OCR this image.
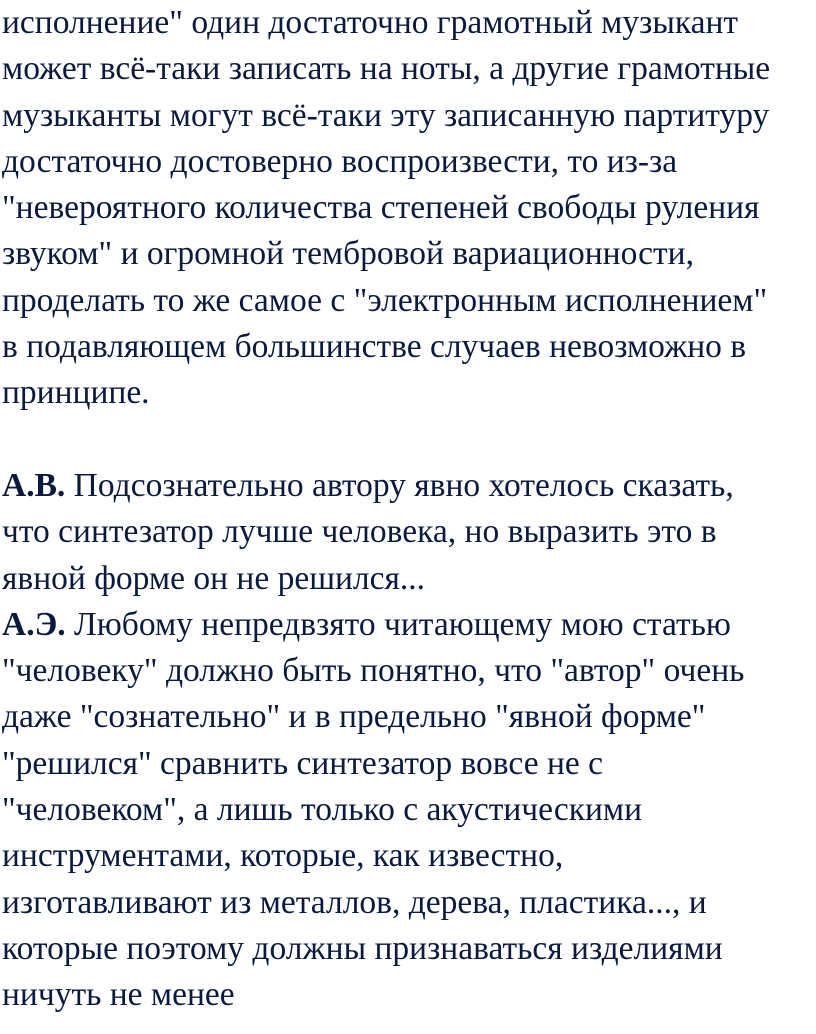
исполнение" один достаточно грамотный музыкант
может всё-таки записать на ноты, а другие грамотные
музыканты могут всё-таки эту записанную партитуру
достаточно достоверно воспроизвести, то из-за
"невероятного количества степеней свободы руления
звуком" и огромной тембровой вариационности,
проделать то же самое с "электронным исполнением"
в подавляющем большинстве случаев невозможно в
принципе.
А.В. Подсознательно автору явно хотелось сказать,
что синтезатор лучше человека, но выразить это в
явной форме он не решился...
А.Э. Любому непредвзято читающему мою статью
"человеку" должно быть понятно, что "автор" очень
даже "сознательно" и в предельно "явной форме"
"решился" сравнить синтезатор вовсе не с
"человеком", а лишь только с акустическими
инструментами, которые, как известно,
изготавливают из металлов, дерева, пластика..., и
которые поэтому должны признаваться изделиями
ничуть не менее
